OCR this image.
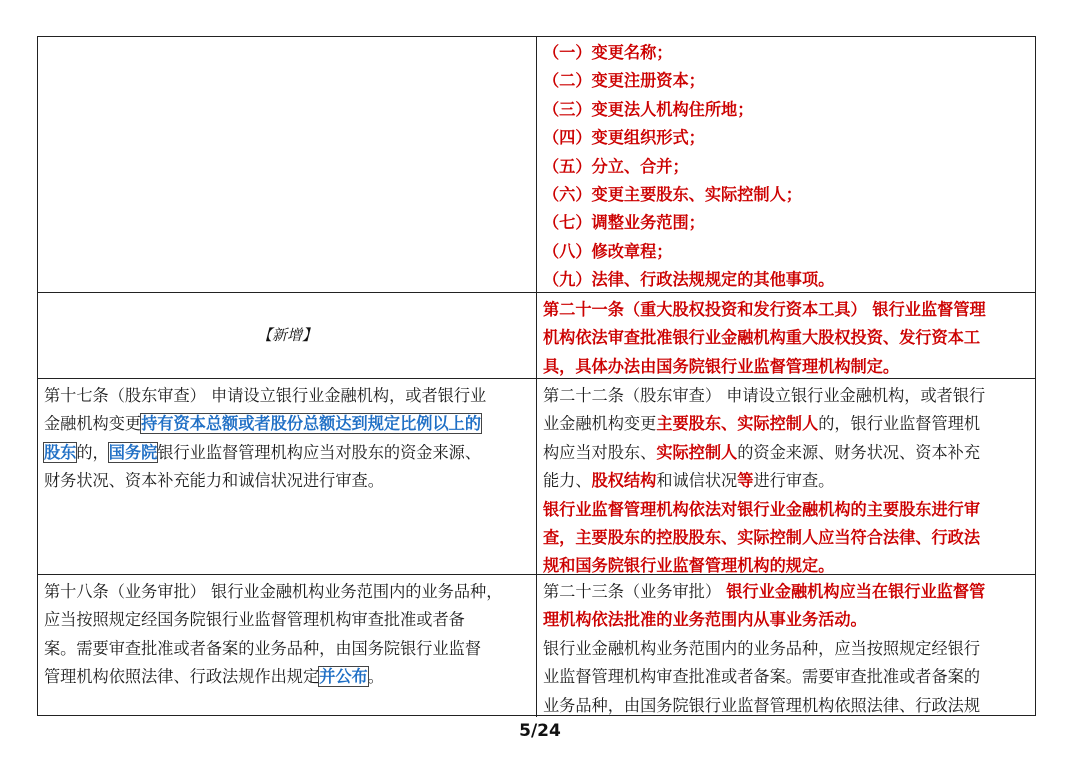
（一）变更名称；
（二）变更注册资本；
（三）变更法人机构住所地；
（四）变更组织形式；
（五）分立、合并；
（六）变更主要股东、实际控制人；
（七）调整业务范围；
（八）修改章程；
（九）法律、行政法规规定的其他事项。
【新增】
第二十一条（重大股权投资和发行资本工具） 银行业监督管理
机构依法审查批准银行业金融机构重大股权投资、发行资本工
具，具体办法由国务院银行业监督管理机构制定。
第十七条（股东审查） 申请设立银行业金融机构，或者银行业
金融机构变更持有资本总额或者股份总额达到规定比例以上的
股东的，国务院银行业监督管理机构应当对股东的资金来源、
财务状况、资本补充能力和诚信状况进行审查。
第二十二条（股东审查） 申请设立银行业金融机构，或者银行
业金融机构变更主要股东、实际控制人的，银行业监督管理机
构应当对股东、实际控制人的资金来源、财务状况、资本补充
能力、股权结构和诚信状况等进行审查。
银行业监督管理机构依法对银行业金融机构的主要股东进行审
查，主要股东的控股股东、实际控制人应当符合法律、行政法
规和国务院银行业监督管理机构的规定。
第十八条（业务审批） 银行业金融机构业务范围内的业务品种，
应当按照规定经国务院银行业监督管理机构审查批准或者备
案。需要审查批准或者备案的业务品种，由国务院银行业监督
管理机构依照法律、行政法规作出规定并公布。
第二十三条（业务审批） 银行业金融机构应当在银行业监督管
理机构依法批准的业务范围内从事业务活动。
银行业金融机构业务范围内的业务品种，应当按照规定经银行
业监督管理机构审查批准或者备案。需要审查批准或者备案的
业务品种，由国务院银行业监督管理机构依照法律、行政法规
5/24
